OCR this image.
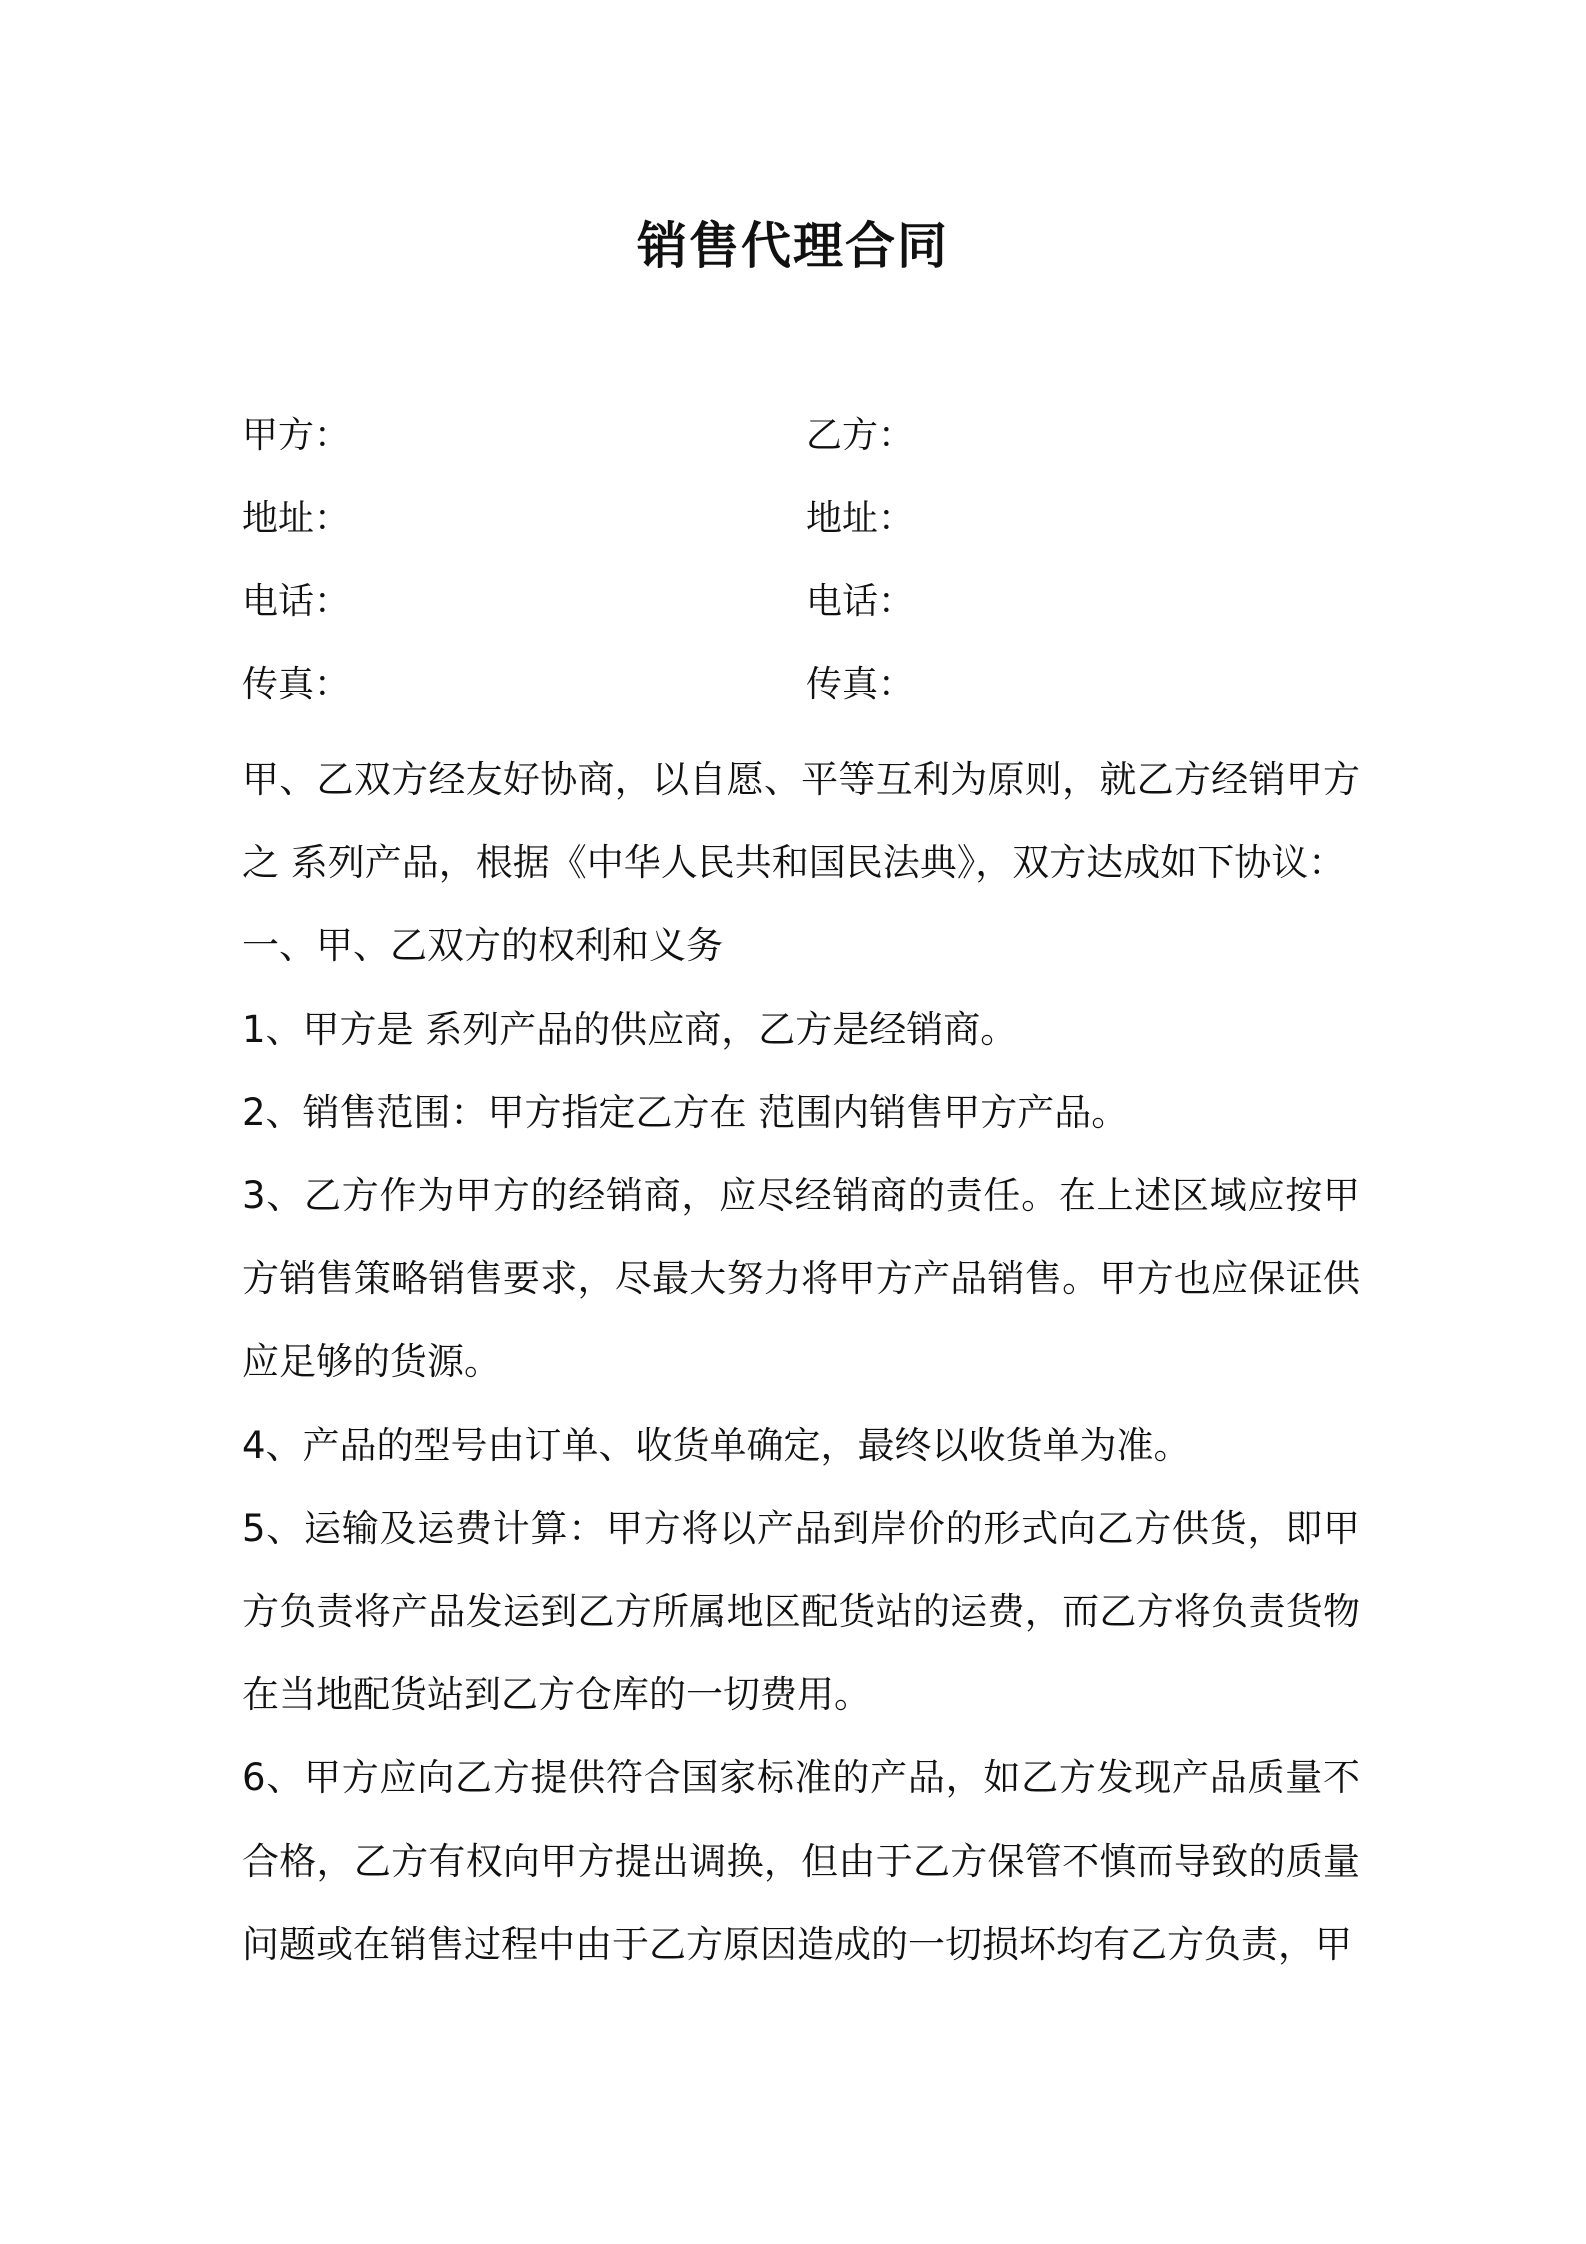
销售代理合同
甲方：	乙方：
地址：	地址：
电话：	电话：
传真：	传真：

甲、乙双方经友好协商，以自愿、平等互利为原则，就乙方经销甲方之 系列产品，根据《中华人民共和国民法典》，双方达成如下协议：

一、甲、乙双方的权利和义务

1、甲方是 系列产品的供应商，乙方是经销商。

2、销售范围：甲方指定乙方在 范围内销售甲方产品。

3、乙方作为甲方的经销商，应尽经销商的责任。在上述区域应按甲方销售策略销售要求，尽最大努力将甲方产品销售。甲方也应保证供应足够的货源。

4、产品的型号由订单、收货单确定，最终以收货单为准。

5、运输及运费计算：甲方将以产品到岸价的形式向乙方供货，即甲方负责将产品发运到乙方所属地区配货站的运费，而乙方将负责货物在当地配货站到乙方仓库的一切费用。

6、甲方应向乙方提供符合国家标准的产品，如乙方发现产品质量不合格，乙方有权向甲方提出调换，但由于乙方保管不慎而导致的质量问题或在销售过程中由于乙方原因造成的一切损坏均有乙方负责，甲
